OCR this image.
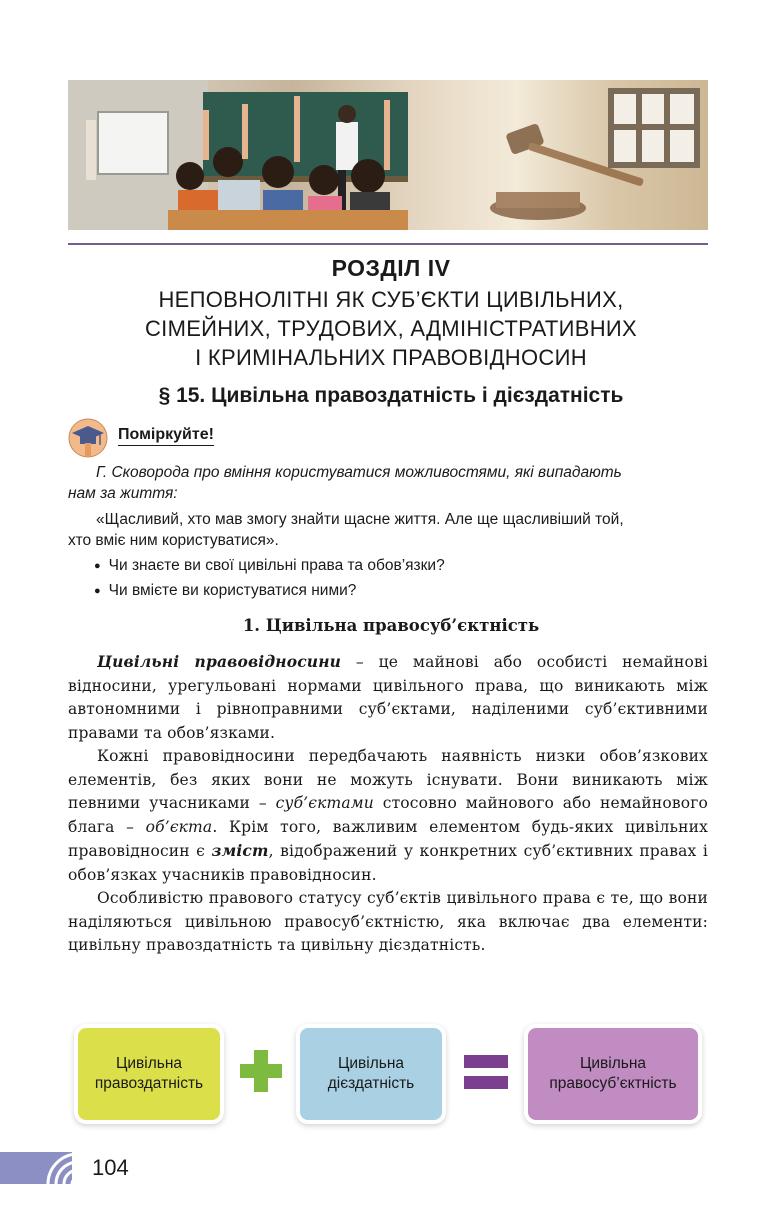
РОЗДІЛ IV
НЕПОВНОЛІТНІ ЯК СУБ’ЄКТИ ЦИВІЛЬНИХ,
СІМЕЙНИХ, ТРУДОВИХ, АДМІНІСТРАТИВНИХ
І КРИМІНАЛЬНИХ ПРАВОВІДНОСИН
§ 15. Цивільна правоздатність і дієздатність
Поміркуйте!
Г. Сковорода про вміння користуватися можливостями, які випадають
нам за життя:
«Щасливий, хто мав змогу знайти щасне життя. Але ще щасливіший той,
хто вміє ним користуватися».
● Чи знаєте ви свої цивільні права та обов’язки?
● Чи вмієте ви користуватися ними?
1. Цивільна правосуб’єктність

Цивільні правовідносини – це майнові або особисті немайнові відносини, урегульовані нормами цивільного права, що виникають між автономними і рівноправними суб’єктами, наділеними суб’єктивними правами та обов’язками.

Кожні правовідносини передбачають наявність низки обов’язкових елементів, без яких вони не можуть існувати. Вони виникають між певними учасниками – суб’єктами стосовно майнового або немайнового блага – об’єкта. Крім того, важливим елементом будь-яких цивільних правовідносин є зміст, відображений у конкретних суб’єктивних правах і обов’язках учасників правовідносин.

Особливістю правового статусу суб’єктів цивільного права є те, що вони наділяються цивільною правосуб’єктністю, яка включає два елементи: цивільну правоздатність та цивільну дієздатність.

Цивільна
правоздатність
Цивільна
дієздатність
Цивільна
правосуб’єктність
104
